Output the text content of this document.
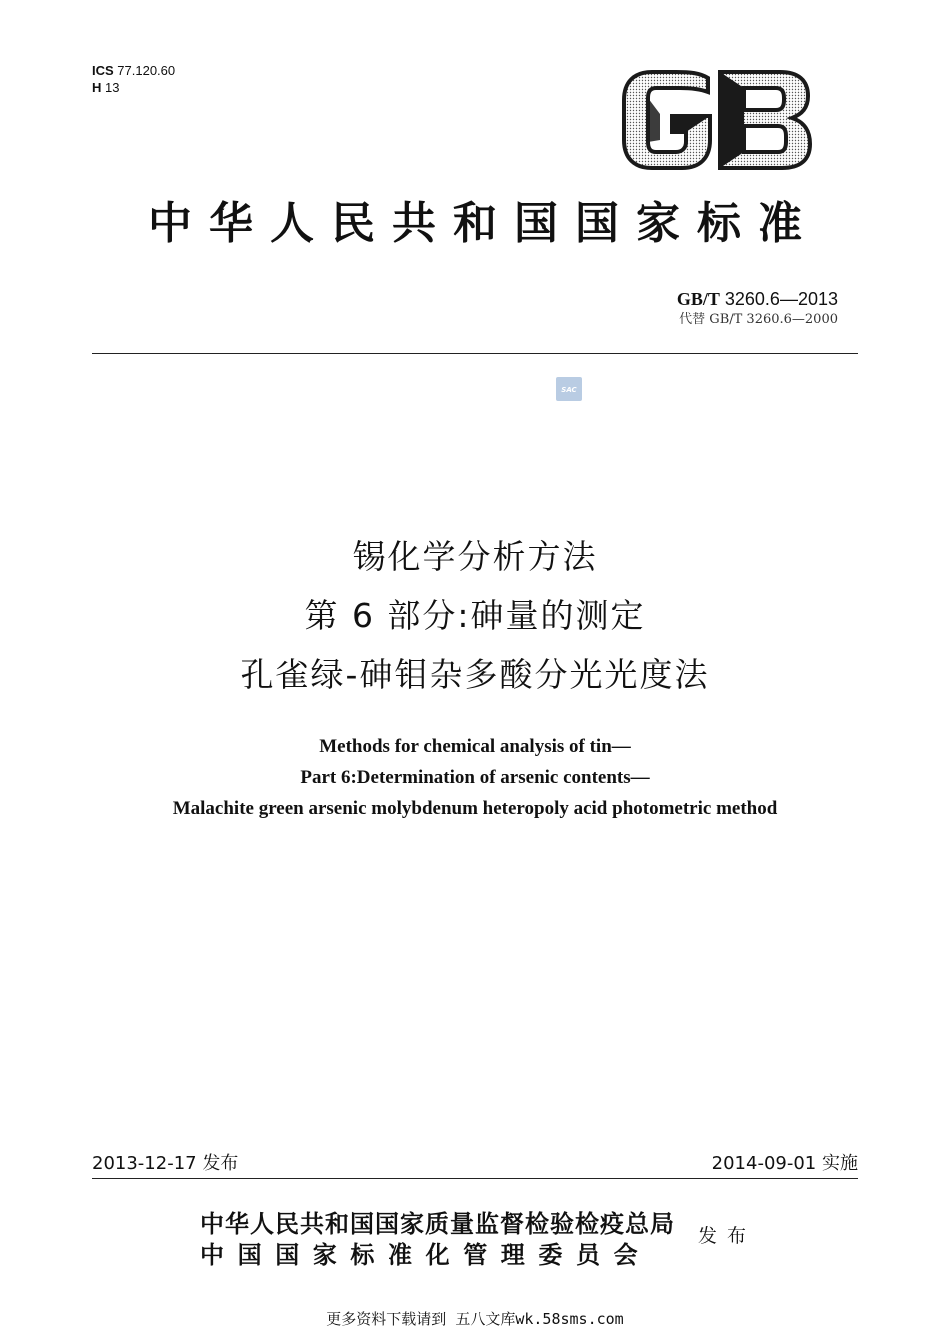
ICS 77.120.60
H 13
中华人民共和国国家标准
GB/T 3260.6—2013
代替 GB/T 3260.6—2000
SAC
锡化学分析方法
第 6 部分:砷量的测定
孔雀绿-砷钼杂多酸分光光度法
Methods for chemical analysis of tin—
Part 6:Determination of arsenic contents—
Malachite green arsenic molybdenum heteropoly acid photometric method
2013-12-17 发布	2014-09-01 实施
中华人民共和国国家质量监督检验检疫总局
中国国家标准化管理委员会
发布
更多资料下载请到 五八文库wk.58sms.com
